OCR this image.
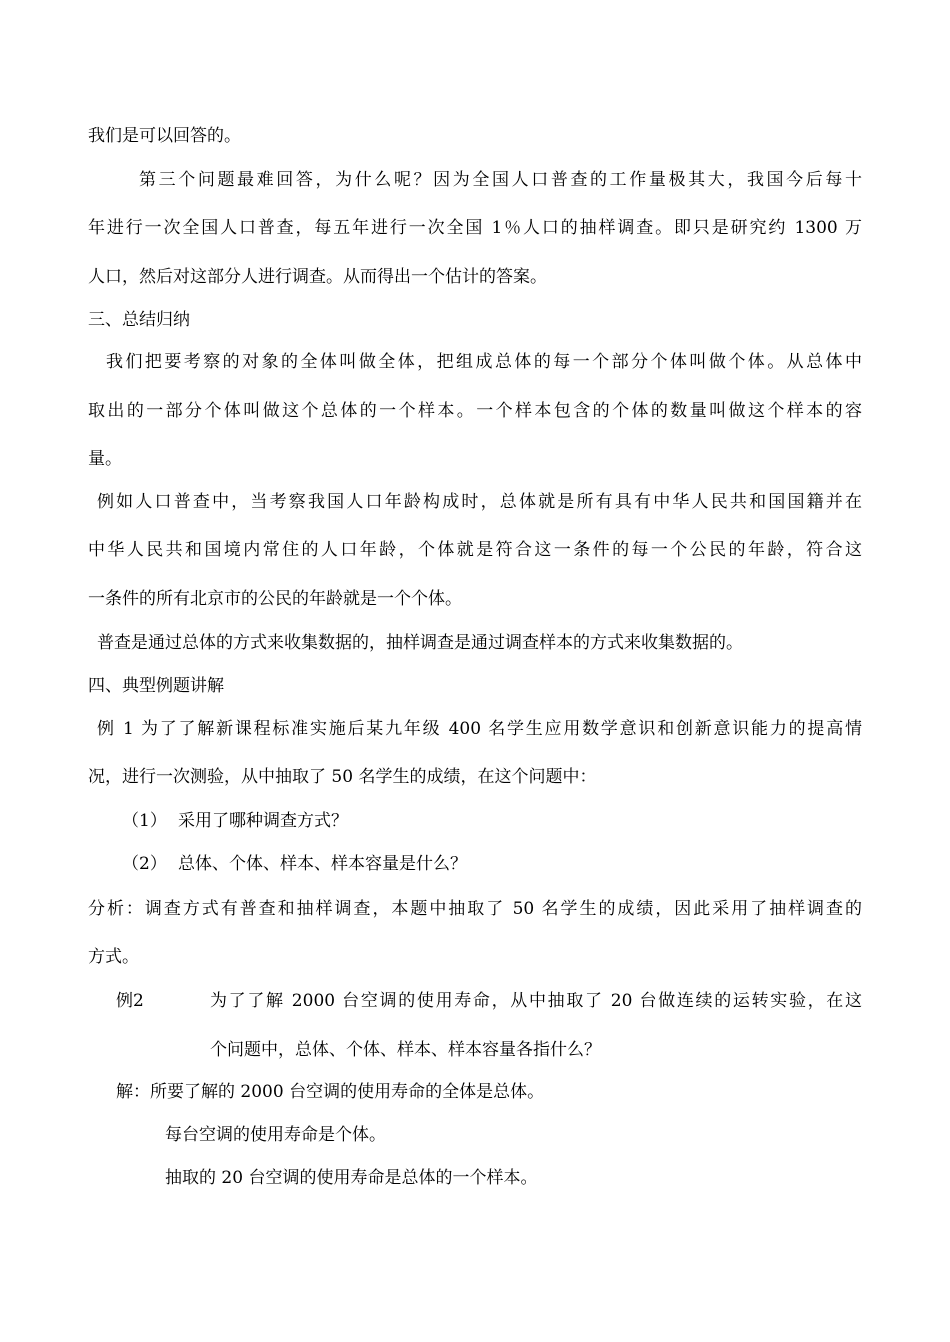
我们是可以回答的。
第三个问题最难回答，为什么呢？因为全国人口普查的工作量极其大，我国今后每十
年进行一次全国人口普查，每五年进行一次全国 1％人口的抽样调查。即只是研究约 1300 万
人口，然后对这部分人进行调查。从而得出一个估计的答案。
三、总结归纳
我们把要考察的对象的全体叫做全体，把组成总体的每一个部分个体叫做个体。从总体中
取出的一部分个体叫做这个总体的一个样本。一个样本包含的个体的数量叫做这个样本的容
量。
例如人口普查中，当考察我国人口年龄构成时，总体就是所有具有中华人民共和国国籍并在
中华人民共和国境内常住的人口年龄，个体就是符合这一条件的每一个公民的年龄，符合这
一条件的所有北京市的公民的年龄就是一个个体。
普查是通过总体的方式来收集数据的，抽样调查是通过调查样本的方式来收集数据的。
四、典型例题讲解
例 1 为了了解新课程标准实施后某九年级 400 名学生应用数学意识和创新意识能力的提高情
况，进行一次测验，从中抽取了 50 名学生的成绩，在这个问题中：
（1） 采用了哪种调查方式？
（2） 总体、个体、样本、样本容量是什么？
分析：调查方式有普查和抽样调查，本题中抽取了 50 名学生的成绩，因此采用了抽样调查的
方式。
例2	为了了解 2000 台空调的使用寿命，从中抽取了 20 台做连续的运转实验，在这
个问题中，总体、个体、样本、样本容量各指什么？
解：所要了解的 2000 台空调的使用寿命的全体是总体。
每台空调的使用寿命是个体。
抽取的 20 台空调的使用寿命是总体的一个样本。
